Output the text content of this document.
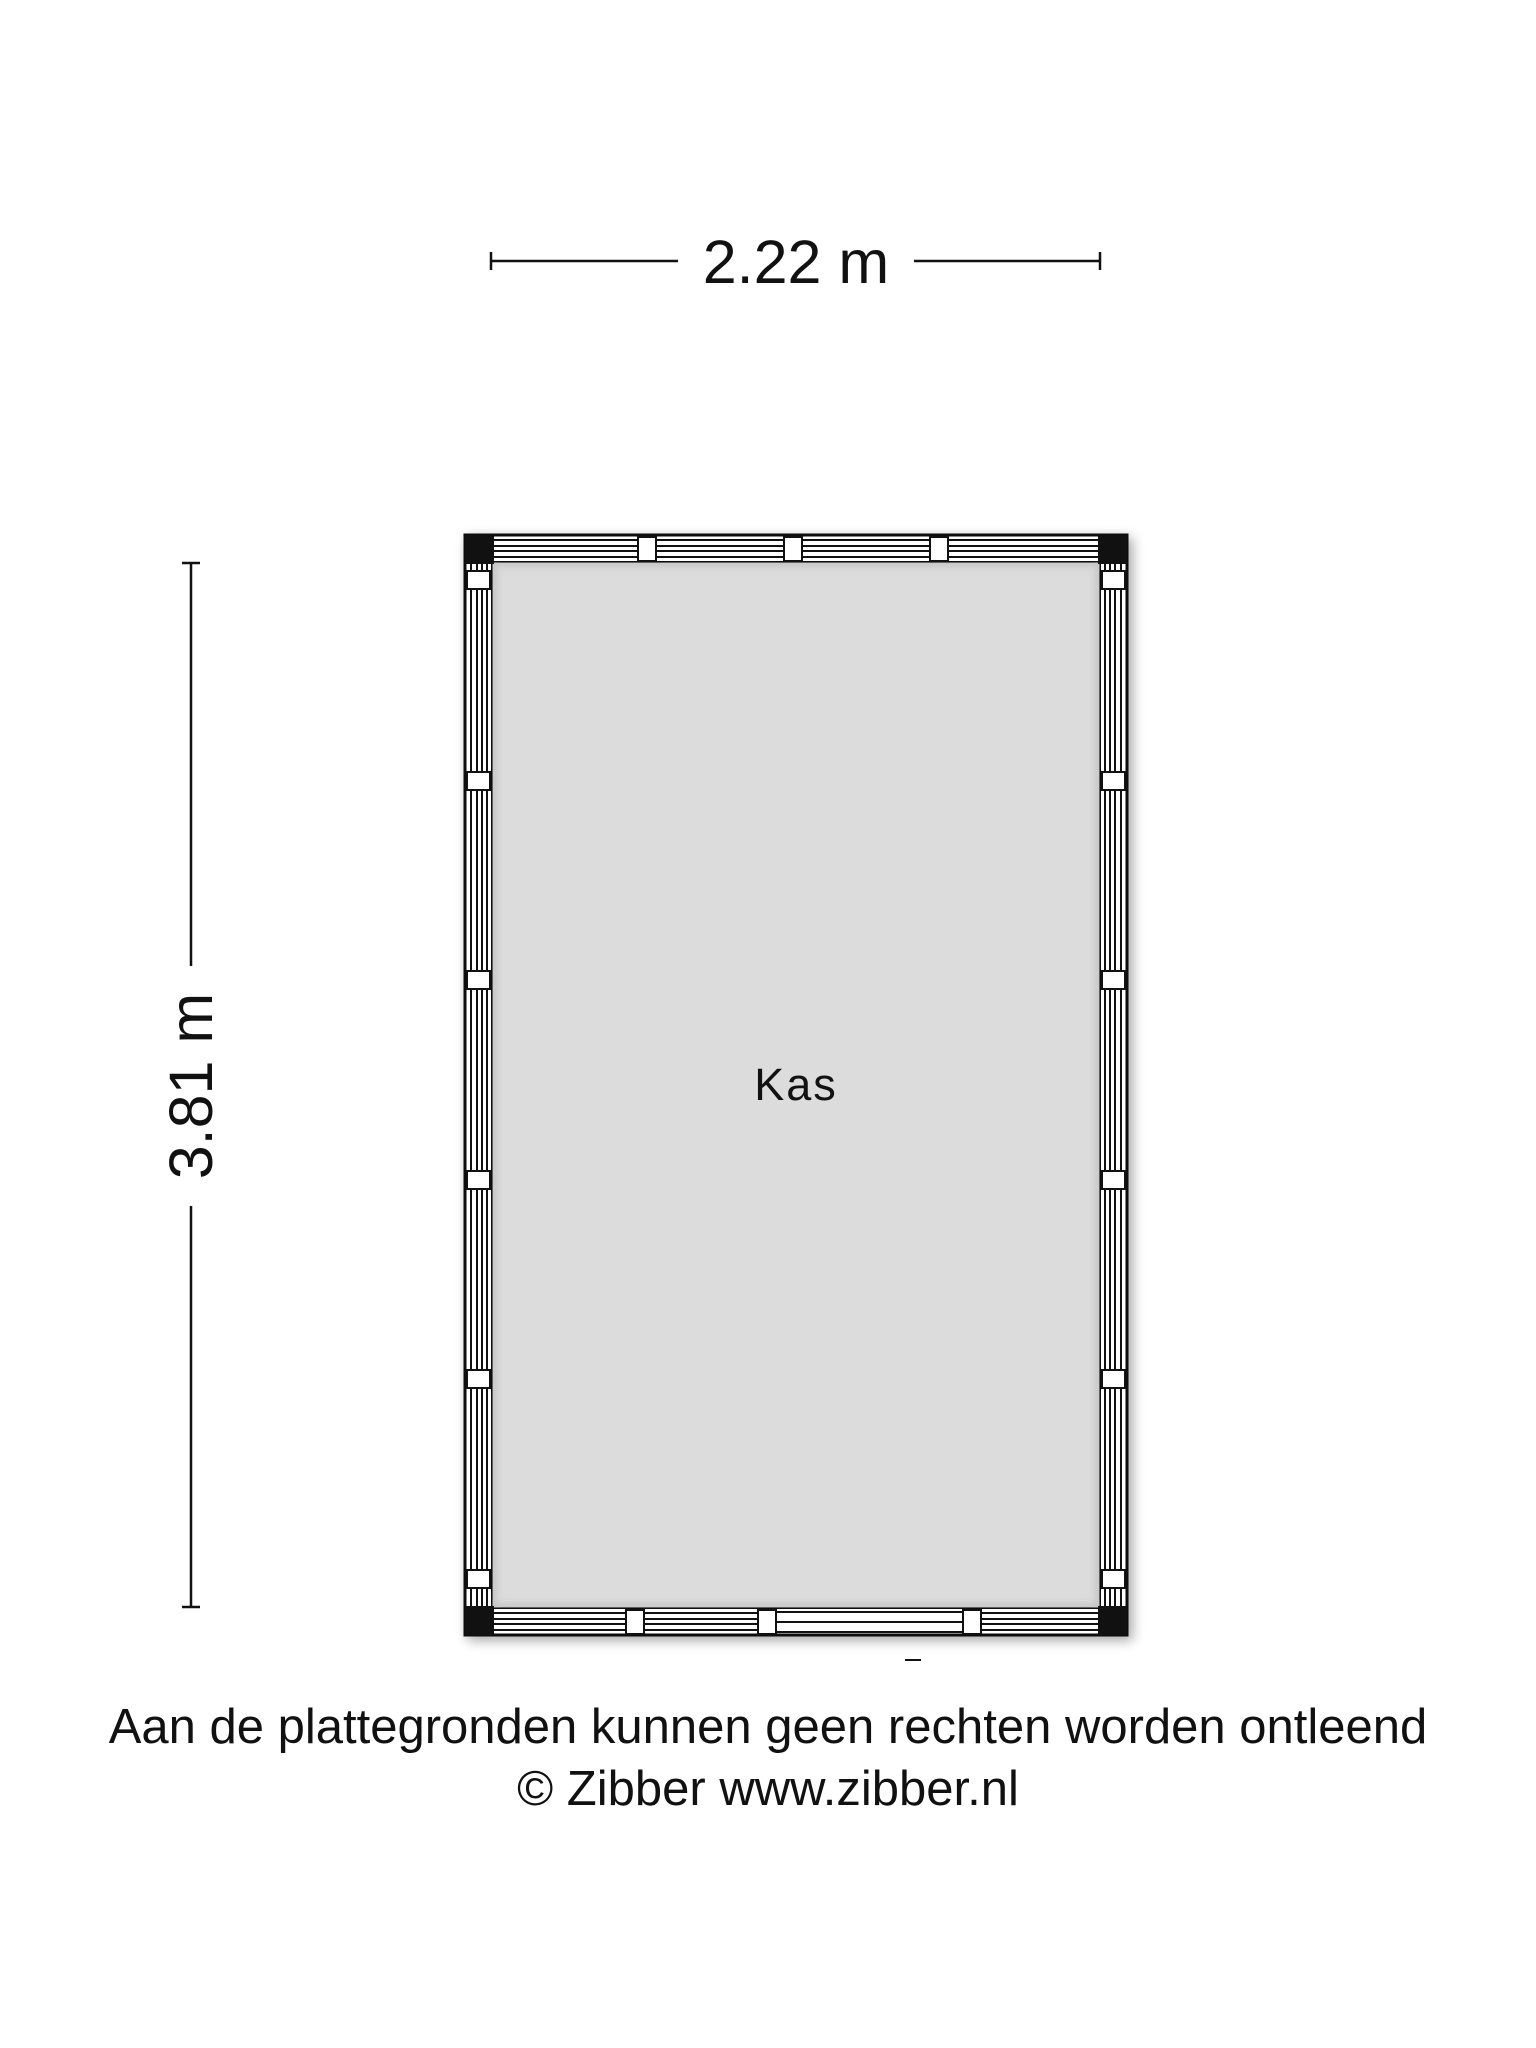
2.22 m
3.81 m	Kas
Aan de plattegronden kunnen geen rechten worden ontleend
© Zibber www.zibber.nl
